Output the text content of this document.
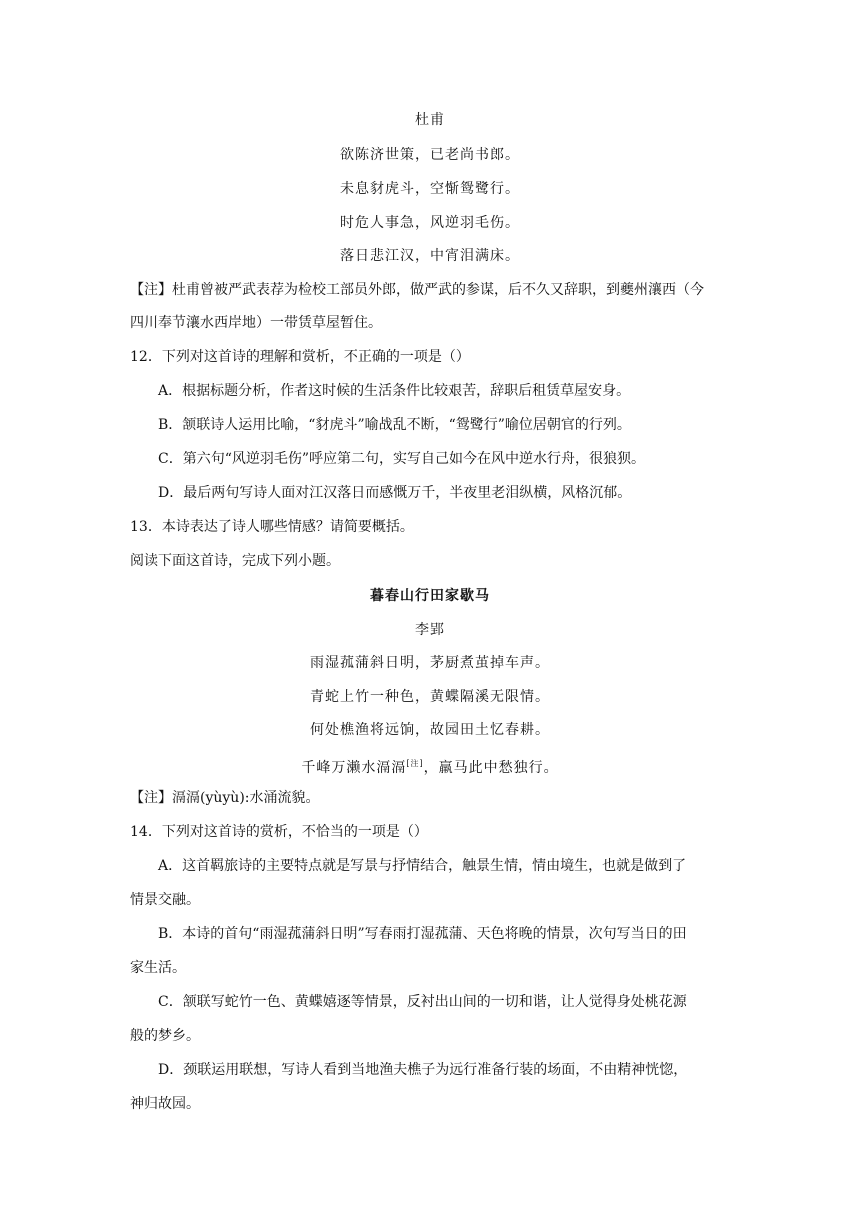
杜甫
欲陈济世策，已老尚书郎。
未息豺虎斗，空惭鸳鹭行。
时危人事急，风逆羽毛伤。
落日悲江汉，中宵泪满床。
【注】杜甫曾被严武表荐为检校工部员外郎，做严武的参谋，后不久又辞职，到夔州瀼西（今
四川奉节瀼水西岸地）一带赁草屋暂住。
12．下列对这首诗的理解和赏析，不正确的一项是（）
A．根据标题分析，作者这时候的生活条件比较艰苦，辞职后租赁草屋安身。
B．颔联诗人运用比喻，“豺虎斗”喻战乱不断，“鸳鹭行”喻位居朝官的行列。
C．第六句“风逆羽毛伤”呼应第二句，实写自己如今在风中逆水行舟，很狼狈。
D．最后两句写诗人面对江汉落日而感慨万千，半夜里老泪纵横，风格沉郁。
13．本诗表达了诗人哪些情感？请简要概括。
阅读下面这首诗，完成下列小题。
暮春山行田家歇马
李郢
雨湿菰蒲斜日明，茅厨煮茧掉车声。
青蛇上竹一种色，黄蝶隔溪无限情。
何处樵渔将远饷，故园田土忆春耕。
千峰万濑水滆滆[注]，羸马此中愁独行。
【注】滆滆(yùyù):水涌流貌。
14．下列对这首诗的赏析，不恰当的一项是（）
A．这首羁旅诗的主要特点就是写景与抒情结合，触景生情，情由境生，也就是做到了
情景交融。
B．本诗的首句“雨湿菰蒲斜日明”写春雨打湿菰蒲、天色将晚的情景，次句写当日的田
家生活。
C．颔联写蛇竹一色、黄蝶嬉逐等情景，反衬出山间的一切和谐，让人觉得身处桃花源
般的梦乡。
D．颈联运用联想，写诗人看到当地渔夫樵子为远行准备行装的场面，不由精神恍惚，
神归故园。
